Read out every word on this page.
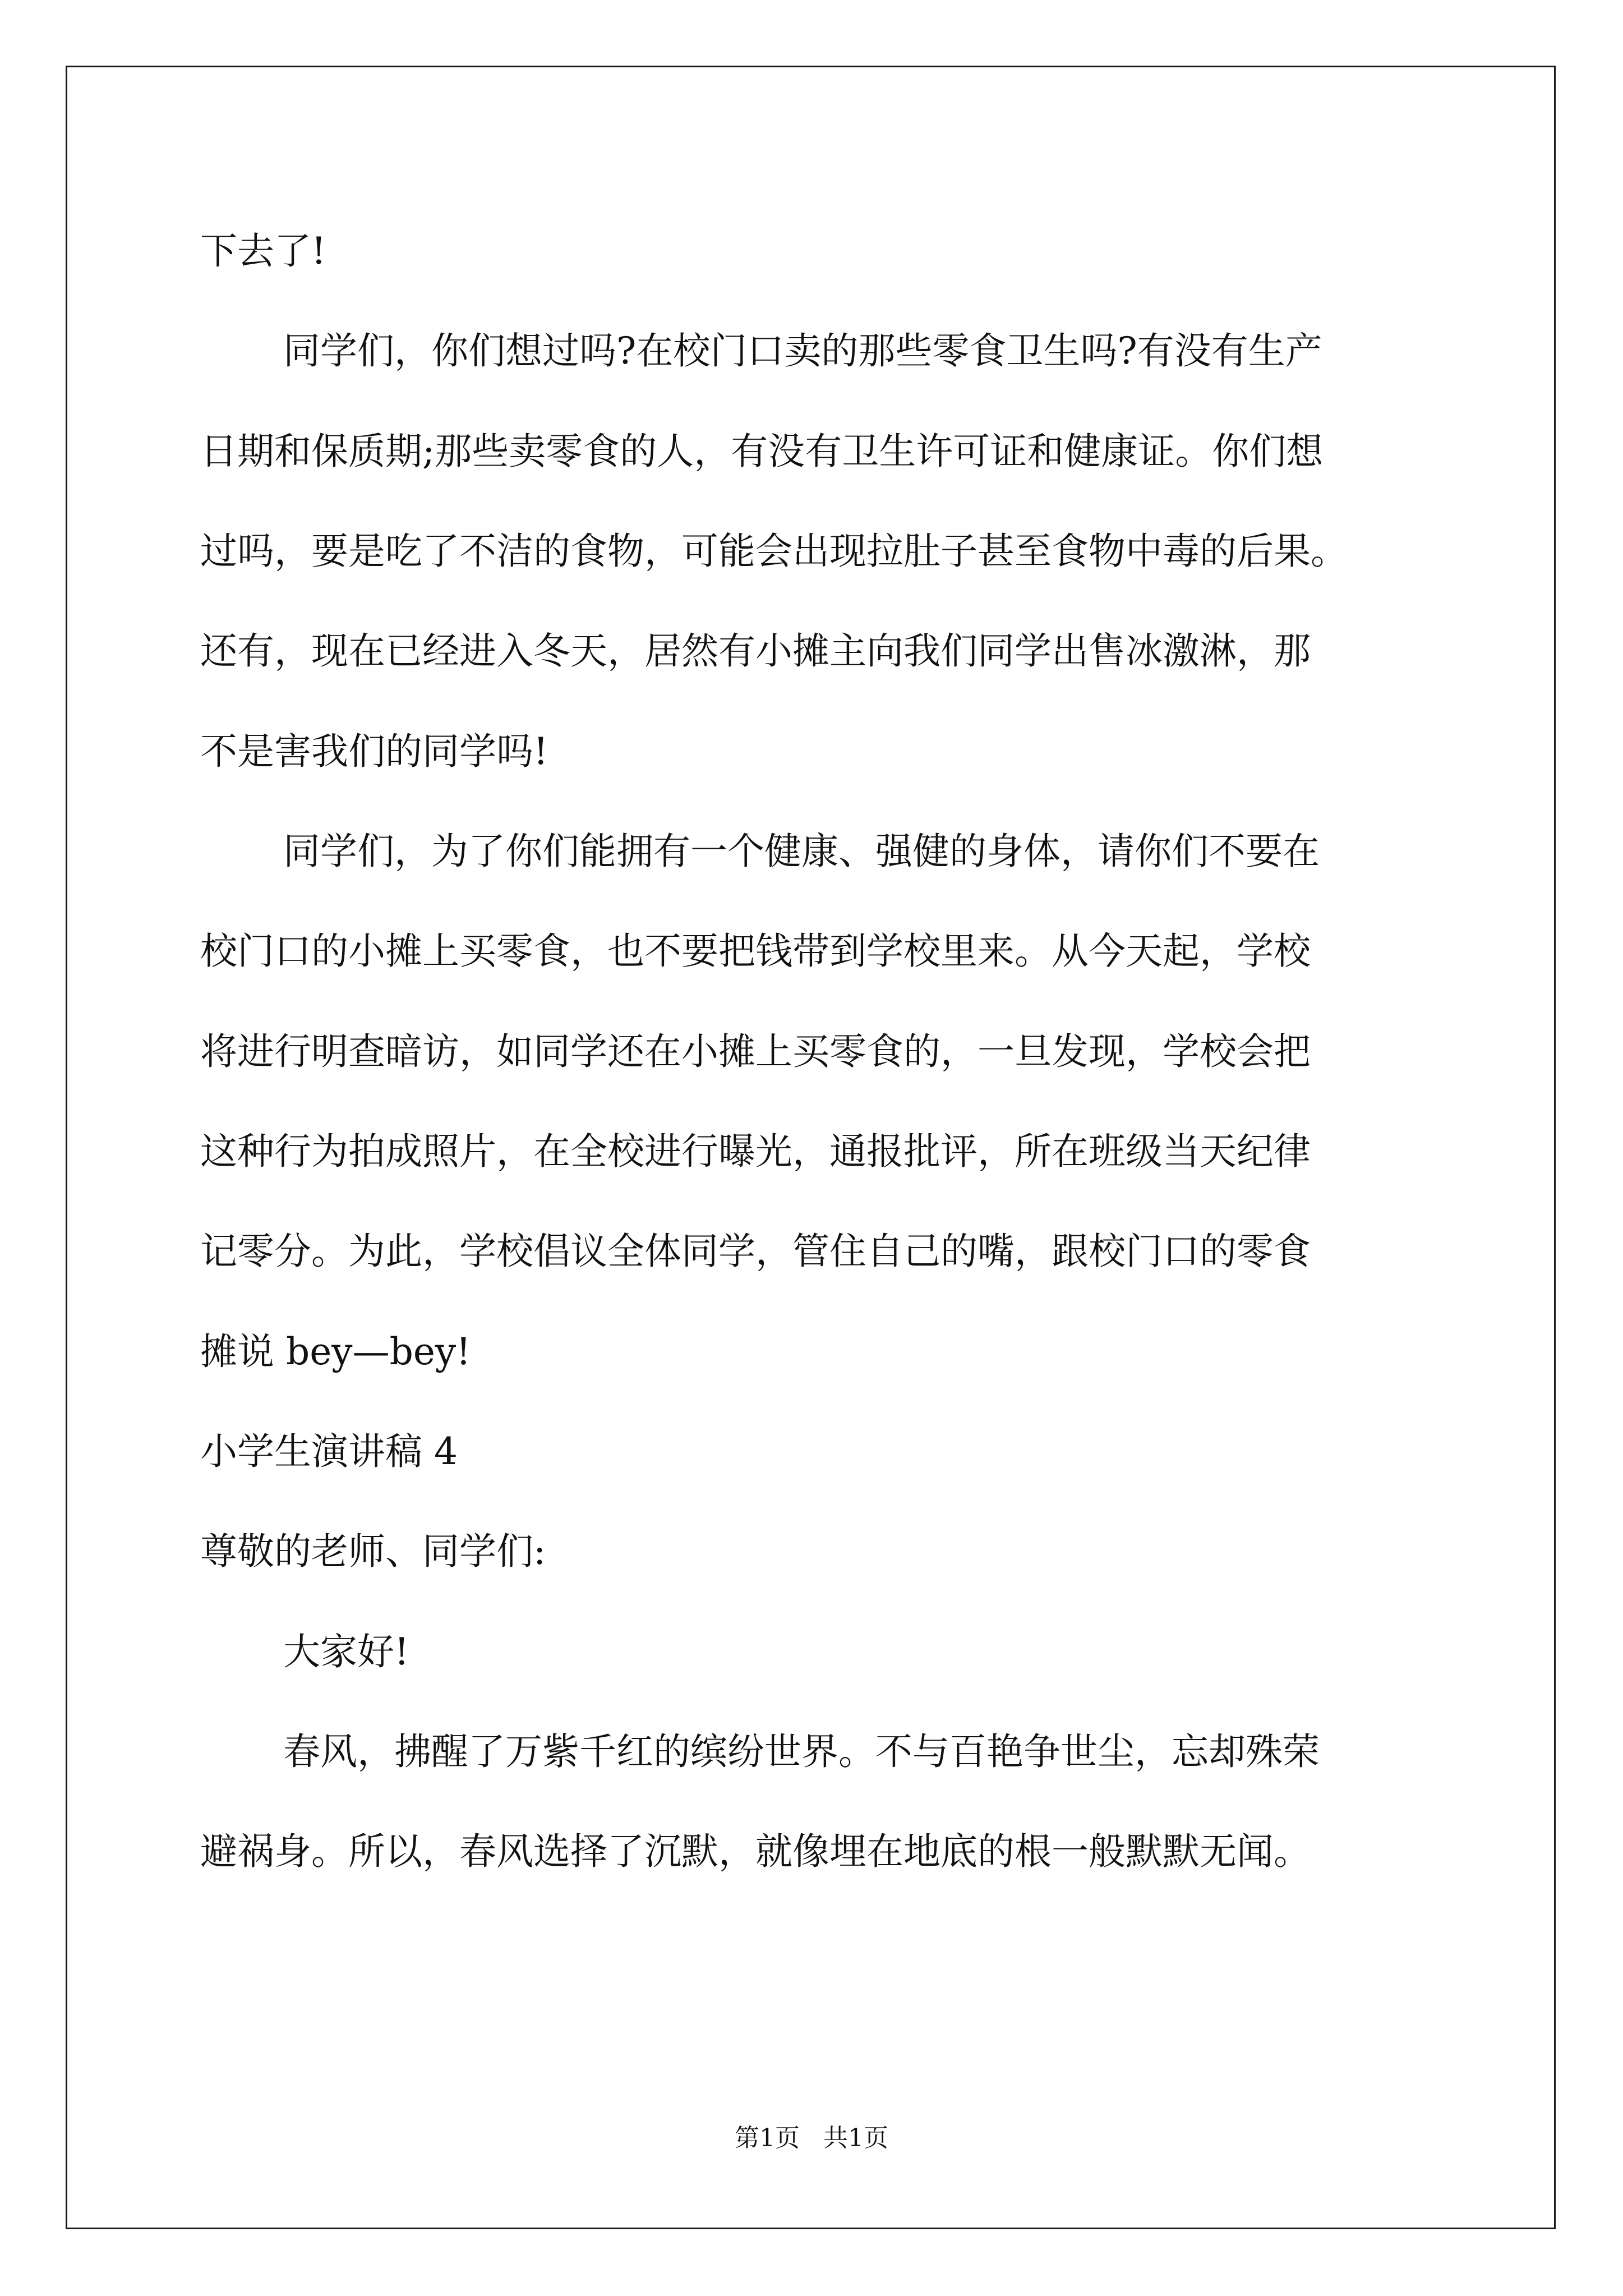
下去了!
同学们，你们想过吗?在校门口卖的那些零食卫生吗?有没有生产
日期和保质期;那些卖零食的人，有没有卫生许可证和健康证。你们想
过吗，要是吃了不洁的食物，可能会出现拉肚子甚至食物中毒的后果。
还有，现在已经进入冬天，居然有小摊主向我们同学出售冰激淋，那
不是害我们的同学吗!
同学们，为了你们能拥有一个健康、强健的身体，请你们不要在
校门口的小摊上买零食，也不要把钱带到学校里来。从今天起，学校
将进行明查暗访，如同学还在小摊上买零食的，一旦发现，学校会把
这种行为拍成照片，在全校进行曝光，通报批评，所在班级当天纪律
记零分。为此，学校倡议全体同学，管住自己的嘴，跟校门口的零食
摊说 bey—bey!
小学生演讲稿 4
尊敬的老师、同学们:
大家好!
春风，拂醒了万紫千红的缤纷世界。不与百艳争世尘，忘却殊荣
避祸身。所以，春风选择了沉默，就像埋在地底的根一般默默无闻。
第1页   共1页
